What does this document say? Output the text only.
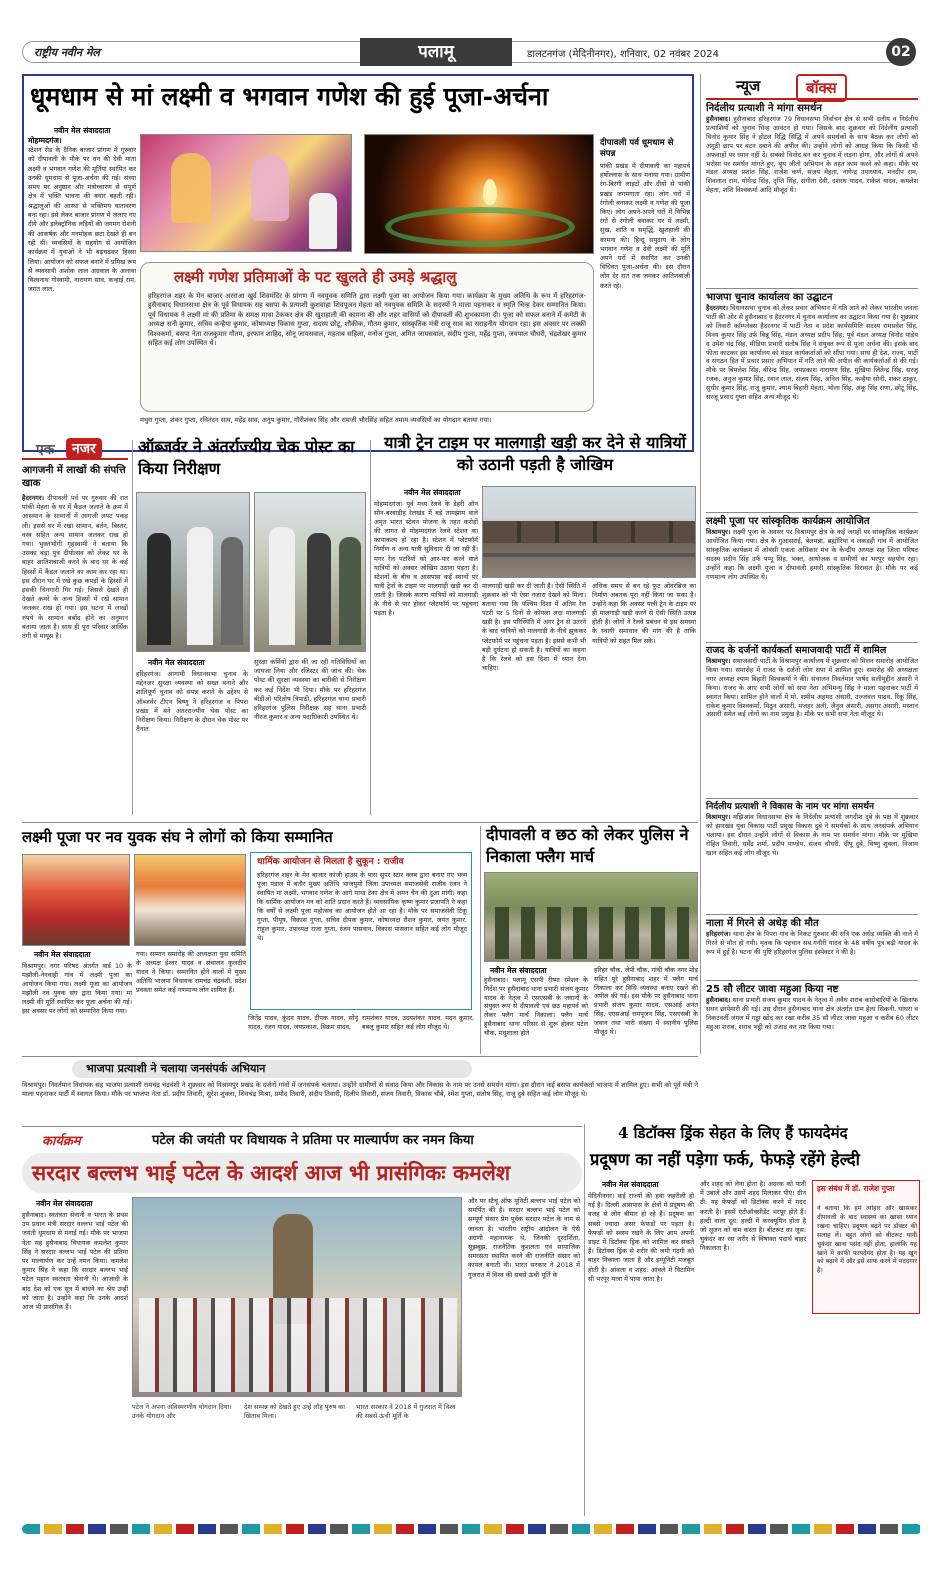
राष्ट्रीय नवीन मेल	पलामू	डालटनगंज (मेदिनीनगर), शनिवार, 02 नवंबर 2024	02
धूमधाम से मां लक्ष्मी व भगवान गणेश की हुई पूजा-अर्चना
नवीन मेल संवाददाता
मोहम्मदगंज।
स्टेशन रोड के दैनिक बाजार प्रांगण में गुरुवार को दीपावली के मौके पर धन की देवी माता लक्ष्मी व भगवान गणेश की मूर्तियां स्थापित कर उनकी धूमधाम से पूजा-अर्चना की गई। संध्या समय पर अनुष्ठान और मंत्रोच्चारण से संपूर्ण क्षेत्र में भक्ति भावना की बयार बहती रही। श्रद्धालुओं की आस्था से भक्तिमय वातावरण बना रहा। इसे लेकर बाजार प्रांगण में जलाए गए दीये और इलेक्ट्रॉनिक लड़ियों की जगमग रोशनी की आकर्षक और मनमोहक छटा देखते ही बन रही थी। व्यवसियों के सहयोग से आयोजित कार्यक्रम में युवाओं ने भी बढ़चढ़कर हिस्सा लिया। आयोजन को सफल बनाने में प्रमिख रूप से व्यवसायी अशोक लाल अग्रवाल के अलावा विश्वनाथ गोस्वामी, नारायण साव, कन्हाई राम, जगत लाल,
दीपावली पर्व धूमधाम से संपन्न
पांकी प्रखंड में दीपावली का महापर्व हर्षोल्लास के साथ मनाया गया। ग्रामीण रंग-बिरंगी लाइटों और दीयों से पांकी प्रखंड जगमगाता रहा। लोग घरों में रंगोली बनाकर लक्ष्मी व गणेश की पूजा किए। लोग अपने-अपने घरों में विभिन्न रंगों से रंगोली बनाकर घर में लक्ष्मी, सुख, शांति व समृद्धि, खुशहाली की कामना की। हिन्दू समुदाय के लोग भगवान गणेश व देवी लक्ष्मी की मूर्ति अपने घरों में स्थापित कर उनकी विधिवत पूजा-अर्चना की। इस दौरान लोग देर रात तक जमकर आतिशबाजी करते रहे।
लक्ष्मी गणेश प्रतिमाओं के पट खुलते ही उमड़े श्रद्धालु
हरिहरगंज शहर के मेन बाजार अरराआ खुर्द शिवमंदिर के प्रांगण में नवयुवक समिति द्वारा लक्ष्मी पूजा का आयोजन किया गया। कार्यक्रम के मुख्य अतिथि के रूप में हरिहरगंज- हुसैनाबाद विधानसभा क्षेत्र के पूर्व विधायक सह बसपा के प्रत्याशी कुशवाहा शिवपूजन मेहता को नवयुवक समिति के सदस्यों ने माला पहनाकर व स्मृति चिन्ह देकर सम्मानित किया। पूर्व विधायक ने लक्ष्मी मां की प्रतिमा के समक्ष माथा टेककर क्षेत्र की खुशहाली की कामना की और शहर वासियों को दीपावली की शुभकामना दी। पूजा को सफल बनाने में कमेटी के अध्यक्ष सनी कुमार, सचिव कन्हैया कुमार, कोषाध्यक्ष विकास गुप्ता, सदस्य छोटू, शौकीक, गौतम कुमार, सांस्कृतिक मंत्री राजू साव का सराहनीय योगदान रहा। इस अवसर पर लक्की विश्वकर्मा, बसपा नेता राजकुमार गौतम, इरफान शाहिद, सोनू जायसवाल, महताब सहिला, मनोज गुप्ता, अमित जायसवाल, संदीप गुप्ता, महेंद्र गुप्ता, जयपाल चौधरी, चंद्रशेखर कुमार सहित कई लोग उपस्थित थे।
मथुरा गुप्ता, शंकर गुप्ता, रविनंदन साव, महेंद्र साव, अनुप कुमार, गौरीशंकर सिंह और रामजी भौरसिंह सहित तमाम व्यवसियों का योगदान बताया गया।
न्यूज	बॉक्स
निर्दलीय प्रत्याशी ने मांगा समर्थन
हुसैनाबाद। हुसैनाबाद हरिहरगंज 79 विधानसभा निर्वाचन क्षेत्र से सभी दलीय व निर्दलीय प्रत्याशियों को चुनाव चिन्ह आवंटन हो गया। जिसके बाद शुक्रवार को निर्दलीय प्रत्याशी विनोद कुमार सिंह ने होटल रिद्धि सिद्धि में अपने समर्थकों के साथ बैठक कर लोगों को अंगूठी छाप पर बटन दबाने की अपील की। उन्होंने लोगों को आग्रह किया कि किसी भी अफवाहों पर ध्यान नहीं दें। सबको विनोद बन कर चुनाव में लड़ना होगा, और लोगों से अपने भरोसा पर समर्थन मांगते हुए, बूथ जीतो अभियान के तहत काम करने को कहा। मौके पर मंडल अध्यक्ष प्रशांत सिंह, राजेश कर्ण, संजय मेहता, नागेन्द्र उपाध्याय, मनदीप राम, शिवलाल राम, योगेन्द्र सिंह, दृप्ति सिंह, संगीता देवी, दशरथ यादव, राकेश यादव, कमलेश मेहता, शशि विश्वकर्मा आदि मौजूद थे।
भाजपा चुनाव कार्यालय का उद्घाटन
हैदरनगर। विधानसभा चुनाव को लेकर प्रचार अभियान में गति लाने को लेकर भारतीय जनता पार्टी की ओर से हुसैनाबाद व हैदरनगर में चुनाव कार्यालय का उद्घाटन किया गया है। शुक्रवार को तिवारी कॉम्प्लेक्स हैदरनगर में पार्टी नेता व प्रदेश कार्यसमिति सदस्य रामप्रवेश सिंह, विनय कुमार सिंह उर्फ बिन्नू सिंह, मंडल अध्यक्ष प्रदीप सिंह, पूर्व मंडल अध्यक्ष विनोद पांडेय व उमेश चंद्र सिंह, मीडिया प्रभारी संतोष सिंह ने संयुक्त रूप से पूजा अर्चना की। इसके बाद फीता काटकर इस कार्यालय को मंडल कार्यकर्ताओं को सौंपा गया। साथ ही देश, राज्य, पार्टी व संगठन हित में प्रचार प्रसार अभियान में गति लाने की अपील की कार्यकर्ताओं से की गई। मौके पर बिमलेश सिंह, बीरेन्द्र सिंह, जयप्रकाश नारायण सिंह, मुखिया जितेन्द्र सिंह, सरजू रजक, अनुज कुमार सिंह, रवान लाल, संजय सिंह, अनिल सिंह, कन्हैया सोनी, शंकर ठाकुर, सुधीर कुमार सिंह, राजू कुमार, श्याम बिहारी मेहता, भोला सिंह, अंकू सिंह राणा, छोटू सिंह, सरजू प्रसाद गुप्ता सहित अन्य मौजूद थे।
लक्ष्मी पूजा पर सांस्कृतिक कार्यक्रम आयोजित
विश्रामपुर। लक्ष्मी पूजा के अवसर पर विश्रामपुर क्षेत्र के कई जगहों पर सांस्कृतिक कार्यक्रम आयोजित किया गया। क्षेत्र के गुआसराई, बेलमन्ना, ब्रह्मोरिया व लकड़ही गांव में आयोजित सांस्कृतिक कार्यक्रम में ओवंसी एकता अधिकार मंच के केन्द्रीय अध्यक्ष सह जिला परिषद सदस्य प्रदीप सिंह उर्फ पप्पू सिंह, भक्त, आयोजक व ग्रामीणों का भरपूर सहयोग रहा। उन्होंने कहा कि लक्ष्मी पूजा व दीपावली हमारी सांस्कृतिक विरासत है। मौके पर कई गणमान्य लोग उपस्थित थे।
राजद के दर्जनों कार्यकर्ता समाजवादी पार्टी में शामिल
विश्रामपुर। समाजवादी पार्टी के विश्रामपुर कार्यालय में शुक्रवार को मिलन समारोह आयोजित किया गया। समारोह में राजद के दर्जनों लोग सपा में शामिल हुए। समारोह की अध्यक्षता नगर अध्यक्ष श्याम बिहारी विश्वकर्मा ने की। संचालन निवर्तमान पार्षद सलीमुद्दीन अंसारी ने किया। राजद के आए सभी लोगों को सपा नेता अभिमन्यु सिंह ने माला पहनाकर पार्टी में स्वागत किया। शामिल होने वालों में मो. शमीम अहमद अंसारी, उज्जवल यादव, रिंकू सिंह, राकेश कुमार विश्वकर्मा, मिठुन अंसारी, मजहर अली, जैनुल अंसारी, असगर अंसारी, मस्तान अंसारी समेत कई लोगों का नाम प्रमुख है। मौके पर सभी सपा नेता मौजूद थे।
निर्दलीय प्रत्याशी ने विकास के नाम पर मांगा समर्थन
विश्रामपुर। मझिआंव विधानसभा क्षेत्र के निर्दलीय प्रत्याशी जगदीश दुबे के पक्ष में शुक्रवार को झारखंड युवा विकास पार्टी प्रमुख विकास दुबे ने समर्थकों के साथ जनसंपर्क अभियान चलाया। इस दौरान उन्होंने लोगों से विकास के नाम पर समर्थन मांगा। मौके पर मुखिया रोहित तिवारी, धर्मेंद्र शर्मा, प्रदीप पाण्डेय, संजय चौधरी, दीपू दुबे, विष्णु शुक्ला, निजाम खान सहित कई लोग मौजूद थे।
नाला में गिरने से अधेड़ की मौत
हरिहरगंज। थाना क्षेत्र के पिपरा गांव के निकट गुरुवार की रात्रि एक अधेड़ व्यक्ति की नाले में गिरने से मौत हो गयी। मृतक कि पहचान सब.गनौरी यादव के 48 वर्षीय पुत्र बढ़ी यादव के रूप में हुई है। घटना की पुष्टि हरिहरगंज पुलिस इंस्पेक्टर ने की है।
25 सौ लीटर जावा महुआ किया नष्ट
हुसैनाबाद। थाना प्रभारी संजय कुमार यादव के नेतृत्व में अवैध शराब कारोबारियों के खिलाफ सघन छापेमारी की गई। उस दौरान हुसैनाबाद थाना क्षेत्र अंतर्गत ग्राम हेला सिकनी, घाघरा व निकटवर्ती जंगल में गड्ढा खोद कर रखा करीब 35 सौ लीटर जावा महुआ व करीब 60 लीटर महुआ शराब, शराब भट्ठी को उजाड़ कर नष्ट किया गया।
एक	नजर
आगजनी में लाखों की संपत्ति खाक
हैदरनगर। दीपावली पर्व पर गुरुवार की रात पांकी मेहता के घर में कैंडल जलाने के क्रम में आसमान के सामानों में आगजी लपट पकड़ ली। इससे घर में रखा सामान, बर्तन, बिस्तर, वस्त्र सहित अन्य सामान जलकर राख हो गया। भुक्तभोगी गृहस्वामी ने बताया कि उसका बड़ा पुत्र दीपोत्सव को लेकर घर के बाहर आतिशबाजी करने के बाद घर के कई हिस्सों में कैंडल जलाने का काम कर रहा था। इस दौरान घर में रखे कुछ कपड़ों के हिस्सों में इसकी चिनगारी गिर गई। जिससे देखते ही देखते कमरे के अन्य हिस्सों में रखे सामान जलकर राख हो गया। इस घटना में लाखों रुपये के सामान बर्बाद होने का अनुमान बताया जाता है। साथ ही पूरा परिवार आर्थिक तंगी से मायूस है।
ऑब्जर्वर ने अंतर्राज्यीय चेक पोस्ट का किया निरीक्षण
नवीन मेल संवाददाता
हरिहरगंज। आगामी विधानसभा चुनाव के मद्देनजर सुरक्षा व्यवस्था को सख्त बनाने और शांतिपूर्ण चुनाव को संपन्न कराने के उद्देश्य से ऑब्जर्वर टीएन बिष्णु ने हरिहरगंज व पिपरा प्रखंड में बने अंतरराज्यीय चेक पोस्ट का निरीक्षण किया। निरीक्षण के दौरान चेक पोस्ट पर तैनात
सुरक्षा कर्मियों द्वारा की जा रही गतिविधियों का जायजा लिया और रजिस्टर की जांच की। चेक पोस्ट की सुरक्षा व्यवस्था का बारीकी से निरीक्षण कर कई निर्देश भी दिया। मौके पर हरिहरगंज बीडीओ परितोष त्रिपाठी, हरिहरगंज थाना प्रभारी हरिहरगंज पुलिस निरीक्षक सह थाना प्रभारी नीरज कुमार व अन्य पदाधिकारी उपस्थित थे।
यात्री ट्रेन टाइम पर मालगाड़ी खड़ी कर देने से यात्रियों को उठानी पड़ती है जोखिम
नवीन मेल संवाददाता
मोहम्मदगंज। पूर्व मध्य रेलवे के डेहरी ऑन सोन-बरवाडीह रेलखंड में बड़े तामझाम वाले अमृत भारत स्टेशन योजना के तहत करोड़ों की लागत से मोहम्मदगंज रेलवे स्टेशन का कायाकल्प हो रहा है। स्टेशन में प्लेटफॉर्म निर्माण व अन्य यात्री सुविधाएं दी जा रही हैं। मगर रेल पटरियों को आर-पार करने वाले यात्रियों को अक्सर जोखिम उठाना पड़ता है। स्टेशनों के बीच व आसपास कई स्थानों पर यात्री ट्रेनों के टाइम पर मालगाड़ी खड़ी कर दी जाती है। जिसके कारण यात्रियों को मालगाड़ी के नीचे से पार होकर प्लेटफॉर्म पर पहुंचना पड़ता है।
मालगाड़ी खड़ी कर दी जाती है। ऐसी स्थिति में शुक्रवार को भी ऐसा नजारा देखने को मिला। बताया गया कि पश्चिम दिशा में अंतिम रेल पटरी पर 5 दिनों से कोयला लदा मालगाड़ी खड़ी है। इस परिस्थिति में अगर ट्रेन से उतरने के बाद यात्रियों को मालगाड़ी के नीचे झुककर प्लेटफॉर्म पर पहुंचना पड़ता है। इससे कभी भी बड़ी दुर्घटना हो सकती है। यात्रियों का कहना है कि रेलवे को इस दिशा में ध्यान देना चाहिए।
अधिक समय से बन रहे फुट ओवरब्रिज का निर्माण अबतक पूरा नहीं किया जा सका है। उन्होंने कहा कि अक्सर यात्री ट्रेन के टाइम पर ही मालगाड़ी खड़ी करने से ऐसी स्थिति उत्पन्न होती है। लोगों ने रेलवे प्रबंधन से इस समस्या के स्थायी समाधान की मांग की है ताकि यात्रियों को राहत मिल सके।
लक्ष्मी पूजा पर नव युवक संघ ने लोगों को किया सम्मानित
नवीन मेल संवाददाता
विश्रामपुर। नगर परिषद अंतर्गत वार्ड 10 के मझौली-नेनवाही गांव में लक्ष्मी पूजा का आयोजन किया गया। लक्ष्मी पूजा का आयोजन मझौली नव युवक संघ द्वारा किया गया। मां लक्ष्मी की मूर्ति स्थापित कर पूजा अर्चना की गई। इस अवसर पर लोगों को सम्मानित किया गया।
गया। सम्मान समारोह की अध्यक्षता युवा समिति के अध्यक्ष ईश्वर यादव व संचालन कुलदीप यादव ने किया। सम्मानित होने वालों में मुख्य अतिथि भाजपा विधायक रामचंद्र चंद्रवंशी, प्रदेश प्रवक्ता समेत कई गणमान्य लोग शामिल हैं।
जितेंद्र यादव, कुंदन यादव, दीपक यादव, सोनू यादव, रंजन यादव, जयप्रकाश, विक्रम यादव,
रामशंकर यादव, उदयशंकर यादव, मदन कुमार, बबलू कुमार सहित कई लोग मौजूद थे।
धार्मिक आयोजन से मिलता है सुकून : राजीव
हरिहरगंज शहर के मेन बाजार कांजी हाउस के पास सुपर स्टार क्लब द्वारा बनाए गए भव्य पूजा पंडाल में बतौर मुख्य अतिथि भाजयुमो जिला उपाध्यक्ष समाजसेवी राजीव रंजन ने स्थापित मां लक्ष्मी, भगवान गणेश के आगे माथा टेका क्षेत्र में अमन चैन की दुआ मांगी। कहा कि धार्मिक आयोजन मन को शांति प्रदान करते हैं। व्यवसायिक कृष्ण कुमार प्रजापति ने कहा कि वर्षों से लक्ष्मी पूजा महोत्सव का आयोजन होते आ रहा है। मौके पर समाजसेवी टिंकू गुप्ता, पीयूष, विकास गुप्ता, सचिव दीपक कुमार, कोषाध्यक्ष रौशन कुमार, जयंत कुमार, राहुल कुमार, उपाध्यक्ष राजा गुप्ता, रंजन पासवान, विकास पासवान सहित कई लोग मौजूद थे।
दीपावली व छठ को लेकर पुलिस ने निकाला फ्लैग मार्च
नवीन मेल संवाददाता
हुसैनाबाद। पलामू एसपी रीष्मा रमेशन के निर्देश पर हुसैनाबाद थाना प्रभारी संजय कुमार यादव के नेतृत्व में एसएसबी के जवानों के संयुक्त रूप से दीपावली एवं छठ महापर्व को लेकर फ्लैग मार्च निकाला। फ्लैग मार्च हुसैनाबाद थाना परिसर से शुरू होकर पटेल चौक, मधुशाला होते
हरिहर चौक, जेपी चौक, गांधी चौक नगर मोड़ सहित पूरे हुसैनाबाद शहर में फ्लैग मार्च निकाला कर विधि व्यवस्था बनाए रखने की अपील की गई। इस मौके पर हुसैनाबाद थाना प्रभारी संजय कुमार यादव, एसआई अनंत सिंह, एएसआई रामपूजन सिंह, एसएसबी के जवान तथा भारी संख्या में स्थानीय पुलिस मौजूद थे।
भाजपा प्रत्याशी ने चलाया जनसंपर्क अभियान
विश्रामपुर। निवर्तमान विधायक सह भाजपा प्रत्याशी रामचंद्र चंद्रवंशी ने शुक्रवार को विश्रामपुर प्रखंड के दर्जनों गांवों में जनसंपर्क चलाया। उन्होंने ग्रामीणों से संवाद किया और विकास के नाम पर उनसे समर्थन मांगा। इस दौरान कई बसपा कार्यकर्ता भाजपा में शामिल हुए। सभी को पूर्व मंत्री ने माला पहनाकर पार्टी में स्वागत किया। मौके पर भाजपा नेता डॉ. प्रदीप तिवारी, सुरेश शुक्ला, शिवचंद्र मिश्रा, प्रमोद तिवारी, संदीप तिवारी, दिलीप तिवारी, संजय तिवारी, विकास चौबे, रमेश गुप्ता, संतोष सिंह, राजू दुबे सहित कई लोग मौजूद थे।
कार्यक्रम	पटेल की जयंती पर विधायक ने प्रतिमा पर माल्यार्पण कर नमन किया
सरदार बल्लभ भाई पटेल के आदर्श आज भी प्रासंगिकः कमलेश
नवीन मेल संवाददाता
हुसैनाबाद। स्वतंत्रता सेनानी व भारत के प्रथम उप प्रधान मंत्री सरदार वल्लभ भाई पटेल की जयंती धूमधाम से मनाई गई। मौके पर भाजपा नेता सह हुसैनाबाद विधायक कमलेश कुमार सिंह ने सरदार वल्लभ भाई पटेल की प्रतिमा पर माल्यार्पण कर उन्हें नमन किया। कमलेश कुमार सिंह ने कहा कि सरदार बल्लभ भाई पटेल महान स्वतंत्रता सेनानी थे। आजादी के बाद देश को एक सूत्र में बांधने का श्रेय उन्हीं को जाता है। उन्होंने कहा कि उनके आदर्श आज भी प्रासंगिक हैं।
और पर स्टैचू ऑफ यूनिटी बल्लभ भाई पटेल को समर्पित की है। सरदार बल्लभ भाई पटेल को सम्पूर्ण संसार प्रेम पूर्वक सरदार पटेल के नाम से जानता है। भारतीय राष्ट्रीय आंदोलन के ऐसे अग्रणी महानायक थे, जिनकी दूरदर्शिता, सूझबूझ, राजनैतिक कुशलता एवं सामाजिक समरसता स्थापित करने की राजनीति संसार को कायल बनाती थी। भारत सरकार ने 2018 में गुजरात में विश्व की सबसे ऊंची मूर्ति के
पटेल ने अपना अविस्मरणीय योगदान दिया। उनके योगदान और
देश सम्पन्न को देखते हुए उन्हें लौह पुरुष का खिताब मिला।
भारत सरकार ने 2018 में गुजरात में विश्व की सबसे ऊंची मूर्ति के
4 डिटॉक्स ड्रिंक सेहत के लिए हैं फायदेमंद
प्रदूषण का नहीं पड़ेगा फर्क, फेफड़े रहेंगे हेल्दी
नवीन मेल संवाददाता
मेदिनीनगर। कई राज्यों की हवा जहरीली हो गई है। दिल्ली आसपास के क्षेत्रों में प्रदूषण की वजह से लोग बीमार हो रहे हैं। प्रदूषण का सबसे ज्यादा असर फेफड़ों पर पड़ता है। फेफड़ों को स्वस्थ रखने के लिए आप अपनी डाइट में डिटॉक्स ड्रिंक को शामिल कर सकते हैं। डिटॉक्स ड्रिंक से शरीर की जमी गंदगी को बाहर निकाला जाता है और इम्यूनिटी मजबूत होती है। आंवला व शहद: आंवले में विटामिन सी भरपूर मात्रा में पाया जाता है।
और शहद को लेना होता है। अदरक को पानी में उबालें और उसमें शहद मिलाकर पीएं। ग्रीन टी: यह फेफड़ों को डिटॉक्स करने में मदद करती है। इसमें एंटीऑक्सीडेंट भरपूर होते हैं। हल्दी वाला दूध: हल्दी में करक्यूमिन होता है जो सूजन को कम करता है। बीटरूट का जूस: चुकंदर का रस शरीर से विषाक्त पदार्थ बाहर निकालता है।
इस संबंध में डॉ. राजेश गुप्ता
ने बताया कि हमें त्योहार और खासकर दीपावली के बाद स्वास्थ्य का खासा ध्यान रखना चाहिए। प्रदूषण बढ़ने पर डॉक्टर की सलाह लें। बहुत लोगों को बीटरूट यानी चुकंदर खाना पसंद नहीं होता, हालांकि यह खाने में काफी फायदेमंद होता है। यह खून को बढ़ाने में और इसे साफ करने में मददगार है।
